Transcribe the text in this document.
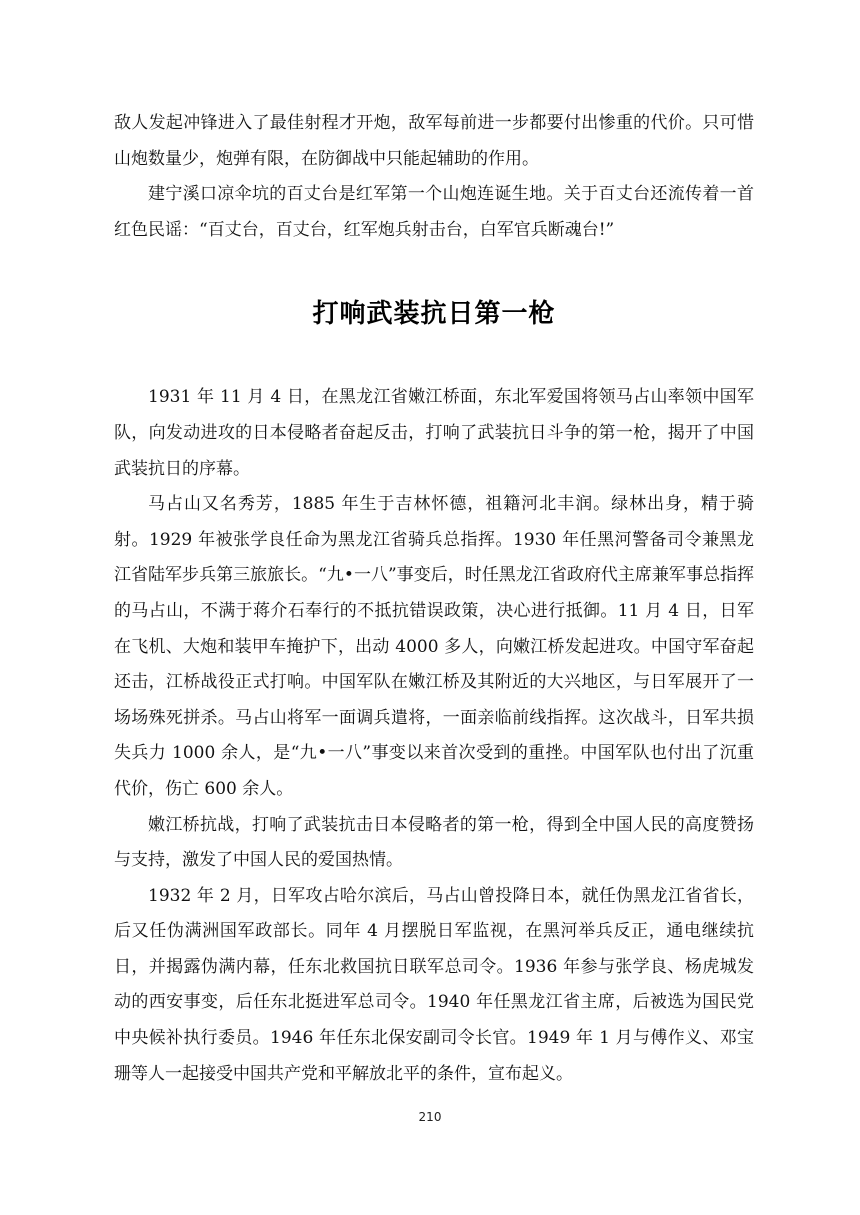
敌人发起冲锋进入了最佳射程才开炮，敌军每前进一步都要付出惨重的代价。只可惜山炮数量少，炮弹有限，在防御战中只能起辅助的作用。

建宁溪口凉伞坑的百丈台是红军第一个山炮连诞生地。关于百丈台还流传着一首红色民谣：“百丈台，百丈台，红军炮兵射击台，白军官兵断魂台!”

打响武装抗日第一枪

1931 年 11 月 4 日，在黑龙江省嫩江桥面，东北军爱国将领马占山率领中国军队，向发动进攻的日本侵略者奋起反击，打响了武装抗日斗争的第一枪，揭开了中国武装抗日的序幕。

马占山又名秀芳，1885 年生于吉林怀德，祖籍河北丰润。绿林出身，精于骑射。1929 年被张学良任命为黑龙江省骑兵总指挥。1930 年任黑河警备司令兼黑龙江省陆军步兵第三旅旅长。“九•一八”事变后，时任黑龙江省政府代主席兼军事总指挥的马占山，不满于蒋介石奉行的不抵抗错误政策，决心进行抵御。11 月 4 日，日军在飞机、大炮和装甲车掩护下，出动 4000 多人，向嫩江桥发起进攻。中国守军奋起还击，江桥战役正式打响。中国军队在嫩江桥及其附近的大兴地区，与日军展开了一场场殊死拼杀。马占山将军一面调兵遣将，一面亲临前线指挥。这次战斗，日军共损失兵力 1000 余人，是“九•一八”事变以来首次受到的重挫。中国军队也付出了沉重代价，伤亡 600 余人。

嫩江桥抗战，打响了武装抗击日本侵略者的第一枪，得到全中国人民的高度赞扬与支持，激发了中国人民的爱国热情。

1932 年 2 月，日军攻占哈尔滨后，马占山曾投降日本，就任伪黑龙江省省长，后又任伪满洲国军政部长。同年 4 月摆脱日军监视，在黑河举兵反正，通电继续抗日，并揭露伪满内幕，任东北救国抗日联军总司令。1936 年参与张学良、杨虎城发动的西安事变，后任东北挺进军总司令。1940 年任黑龙江省主席，后被选为国民党中央候补执行委员。1946 年任东北保安副司令长官。1949 年 1 月与傅作义、邓宝珊等人一起接受中国共产党和平解放北平的条件，宣布起义。

210
